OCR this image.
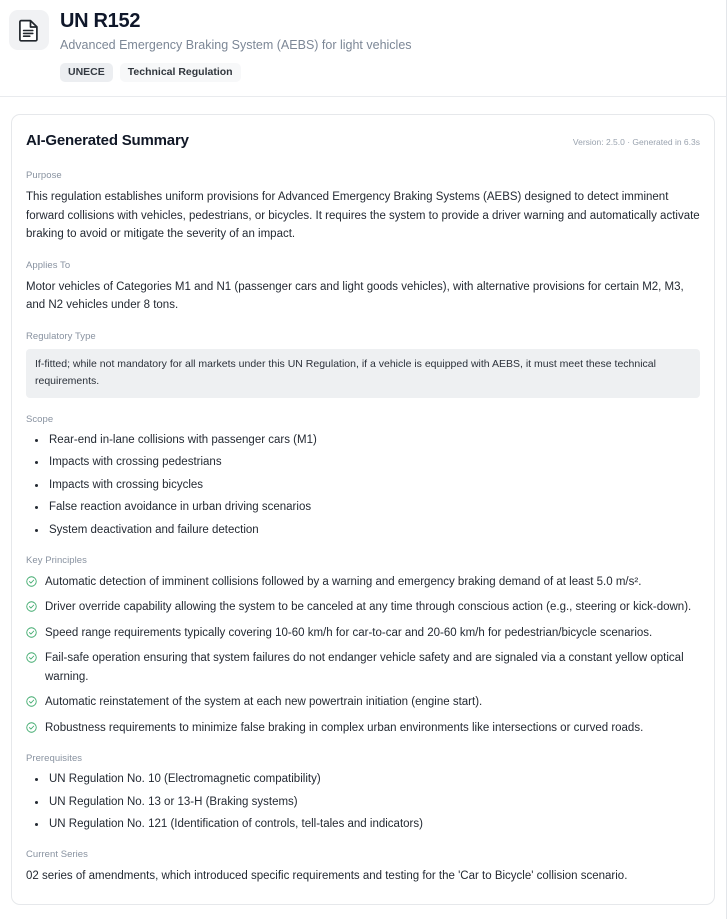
UN R152
Advanced Emergency Braking System (AEBS) for light vehicles
UNECE	Technical Regulation
AI-Generated Summary	Version: 2.5.0 · Generated in 6.3s
Purpose
This regulation establishes uniform provisions for Advanced Emergency Braking Systems (AEBS) designed to detect imminent forward collisions with vehicles, pedestrians, or bicycles. It requires the system to provide a driver warning and automatically activate braking to avoid or mitigate the severity of an impact.
Applies To
Motor vehicles of Categories M1 and N1 (passenger cars and light goods vehicles), with alternative provisions for certain M2, M3, and N2 vehicles under 8 tons.
Regulatory Type
If-fitted; while not mandatory for all markets under this UN Regulation, if a vehicle is equipped with AEBS, it must meet these technical requirements.
Scope
Rear-end in-lane collisions with passenger cars (M1)
Impacts with crossing pedestrians
Impacts with crossing bicycles
False reaction avoidance in urban driving scenarios
System deactivation and failure detection
Key Principles
Automatic detection of imminent collisions followed by a warning and emergency braking demand of at least 5.0 m/s².
Driver override capability allowing the system to be canceled at any time through conscious action (e.g., steering or kick-down).
Speed range requirements typically covering 10-60 km/h for car-to-car and 20-60 km/h for pedestrian/bicycle scenarios.
Fail-safe operation ensuring that system failures do not endanger vehicle safety and are signaled via a constant yellow optical warning.
Automatic reinstatement of the system at each new powertrain initiation (engine start).
Robustness requirements to minimize false braking in complex urban environments like intersections or curved roads.
Prerequisites
UN Regulation No. 10 (Electromagnetic compatibility)
UN Regulation No. 13 or 13-H (Braking systems)
UN Regulation No. 121 (Identification of controls, tell-tales and indicators)
Current Series
02 series of amendments, which introduced specific requirements and testing for the 'Car to Bicycle' collision scenario.
